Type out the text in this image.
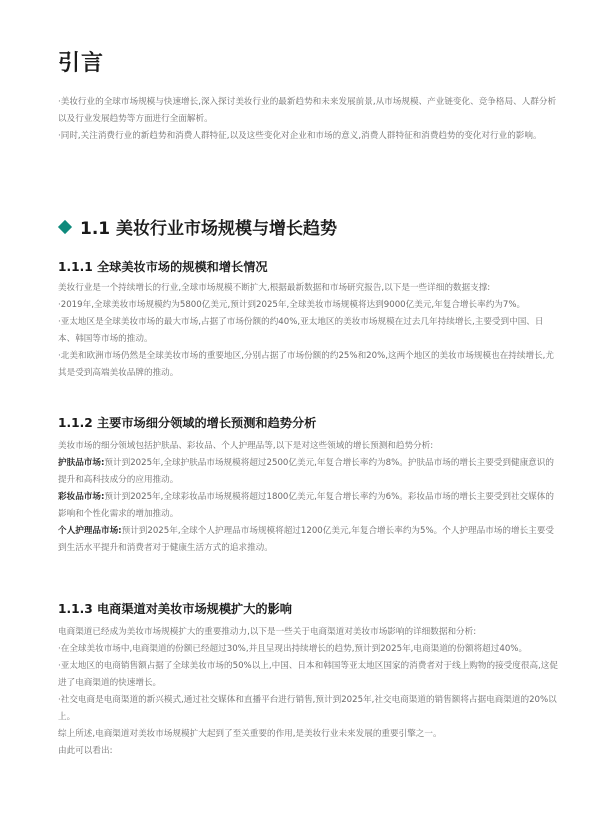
引言

·美妆行业的全球市场规模与快速增长,深入探讨美妆行业的最新趋势和未来发展前景,从市场规模、产业链变化、竞争格局、人群分析以及行业发展趋势等方面进行全面解析。

·同时,关注消费行业的新趋势和消费人群特征,以及这些变化对企业和市场的意义,消费人群特征和消费趋势的变化对行业的影响。

1.1 美妆行业市场规模与增长趋势
1.1.1 全球美妆市场的规模和增长情况

美妆行业是一个持续增长的行业,全球市场规模不断扩大,根据最新数据和市场研究报告,以下是一些详细的数据支撑:

·2019年,全球美妆市场规模约为5800亿美元,预计到2025年,全球美妆市场规模将达到9000亿美元,年复合增长率约为7%。

·亚太地区是全球美妆市场的最大市场,占据了市场份额的约40%,亚太地区的美妆市场规模在过去几年持续增长,主要受到中国、日本、韩国等市场的推动。

·北美和欧洲市场仍然是全球美妆市场的重要地区,分别占据了市场份额的约25%和20%,这两个地区的美妆市场规模也在持续增长,尤其是受到高端美妆品牌的推动。

1.1.2 主要市场细分领域的增长预测和趋势分析

美妆市场的细分领域包括护肤品、彩妆品、个人护理品等,以下是对这些领域的增长预测和趋势分析:

护肤品市场:预计到2025年,全球护肤品市场规模将超过2500亿美元,年复合增长率约为8%。护肤品市场的增长主要受到健康意识的提升和高科技成分的应用推动。

彩妆品市场:预计到2025年,全球彩妆品市场规模将超过1800亿美元,年复合增长率约为6%。彩妆品市场的增长主要受到社交媒体的影响和个性化需求的增加推动。

个人护理品市场:预计到2025年,全球个人护理品市场规模将超过1200亿美元,年复合增长率约为5%。个人护理品市场的增长主要受到生活水平提升和消费者对于健康生活方式的追求推动。

1.1.3 电商渠道对美妆市场规模扩大的影响

电商渠道已经成为美妆市场规模扩大的重要推动力,以下是一些关于电商渠道对美妆市场影响的详细数据和分析:

·在全球美妆市场中,电商渠道的份额已经超过30%,并且呈现出持续增长的趋势,预计到2025年,电商渠道的份额将超过40%。

·亚太地区的电商销售额占据了全球美妆市场的50%以上,中国、日本和韩国等亚太地区国家的消费者对于线上购物的接受度很高,这促进了电商渠道的快速增长。

·社交电商是电商渠道的新兴模式,通过社交媒体和直播平台进行销售,预计到2025年,社交电商渠道的销售额将占据电商渠道的20%以上。

综上所述,电商渠道对美妆市场规模扩大起到了至关重要的作用,是美妆行业未来发展的重要引擎之一。

由此可以看出:
